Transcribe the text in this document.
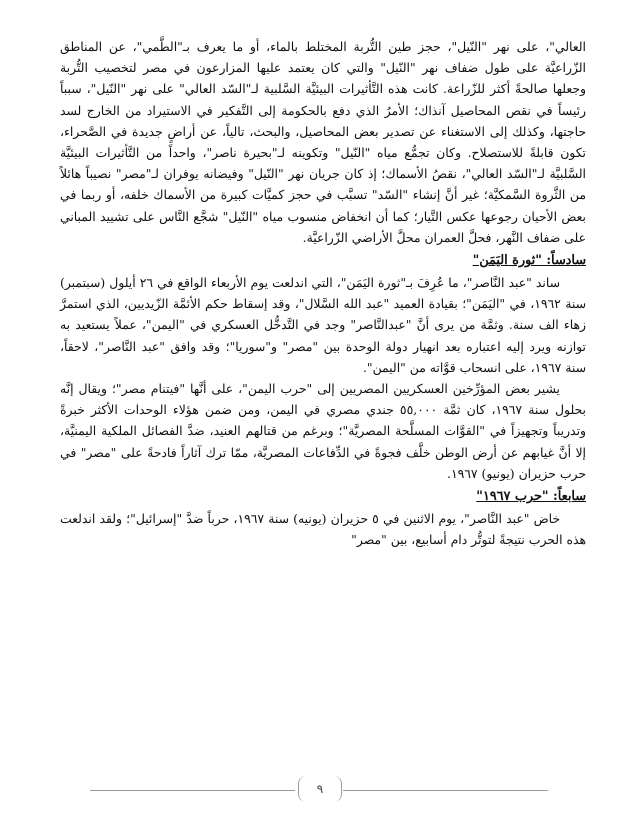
العالي"، على نهر "النّيل"، حجز طين التُّربة المختلط بالماء، أو ما يعرف بـ"الطَّمي"، عن المناطق الزّراعيَّة على طول ضفاف نهر "النّيل" والتي كان يعتمد عليها المزارعون في مصر لتخصيب التُّربة وجعلها صالحةً أكثر للزّراعة. كانت هذه التَّأثيرات البيئيَّة السَّلبية لـ"السّد العالي" على نهر "النّيل"، سبباً رئيساً في نقص المحاصيل آنذاك؛ الأمرُ الذي دفع بالحكومة إلى التَّفكير في الاستيراد من الخارج لسد حاجتها، وكذلك إلى الاستغناء عن تصدير بعض المحاصيل، والبحث، تالياً، عن أراضٍ جديدة في الصَّحراء، تكون قابلةً للاستصلاح. وكان تجمُّع مياه "النّيل" وتكوينه لـ"بحيرة ناصر"، واحداً من التَّأثيرات البيئيَّة السَّلبيَّة لـ"السّد العالي"، نقصُ الأسماك؛ إذ كان جريان نهر "النّيل" وفيضانه يوفران لـ"مصر" نصيباً هائلاً من الثَّروة السَّمكيَّة؛ غير أنَّ إنشاء "السّد" تسبَّب في حجز كميَّات كبيرة من الأسماك خلفه، أو ربما في بعض الأحيان رجوعها عكس التَّيار؛ كما أن انخفاض منسوب مياه "النّيل" شجَّع النَّاس على تشييد المباني على ضفاف النَّهر، فحلَّ العمران محلَّ الأراضي الزّراعيَّة.

سادساً: "ثورة اليَمَن"

ساند "عبد النَّاصر"، ما عُرِفَ بـ"ثورة اليَمَن"، التي اندلعت يوم الأربعاء الواقع في ٢٦ أيلول (سبتمبر) سنة ١٩٦٢، في "اليَمَن"؛ بقيادة العميد "عبد الله السَّلال"، وقد إسقاط حكم الأئمَّة الزّيديين، الذي استمرَّ زهاء الف سنة. وثمَّة من يرى أنَّ "عبدالنَّاصر" وجد في التَّدخُّل العسكري في "اليمن"، عملاً يستعيد به توازنه ويرد إليه اعتباره بعد انهيار دولة الوحدة بين "مصر" و"سوريا"؛ وقد وافق "عبد النَّاصر"، لاحقاً، سنة ١٩٦٧، على انسحاب قوَّاته من "اليمن".

يشير بعض المؤرِّخين العسكريين المصريين إلى "حرب اليمن"، على أنَّها "فيتنام مصر"؛ ويقال إنَّه بحلول سنة ١٩٦٧، كان ثمَّة ٥٥,٠٠٠ جندي مصري في اليمن، ومن ضمن هؤلاء الوحدات الأكثر خبرةً وتدريباً وتجهيزاً في "القوَّات المسلَّحة المصريَّة"؛ وبرغم من قتالهم العنيد، ضدَّ الفصائل الملكية اليمنيَّة، إلا أنَّ غيابهم عن أرض الوطن خلَّف فجوةً في الدِّفاعات المصريَّة، ممّا ترك آثاراً فادحةً على "مصر" في حرب حزيران (يونيو) ١٩٦٧.

سابعاً: "حرب ١٩٦٧"

خاض "عبد النَّاصر"، يوم الاثنين في ٥ حزيران (يونيه) سنة ١٩٦٧، حرباً ضدَّ "إسرائيل"؛ ولقد اندلعت هذه الحرب نتيجةً لتوتُّر دام أسابيع، بين "مصر"

٩
